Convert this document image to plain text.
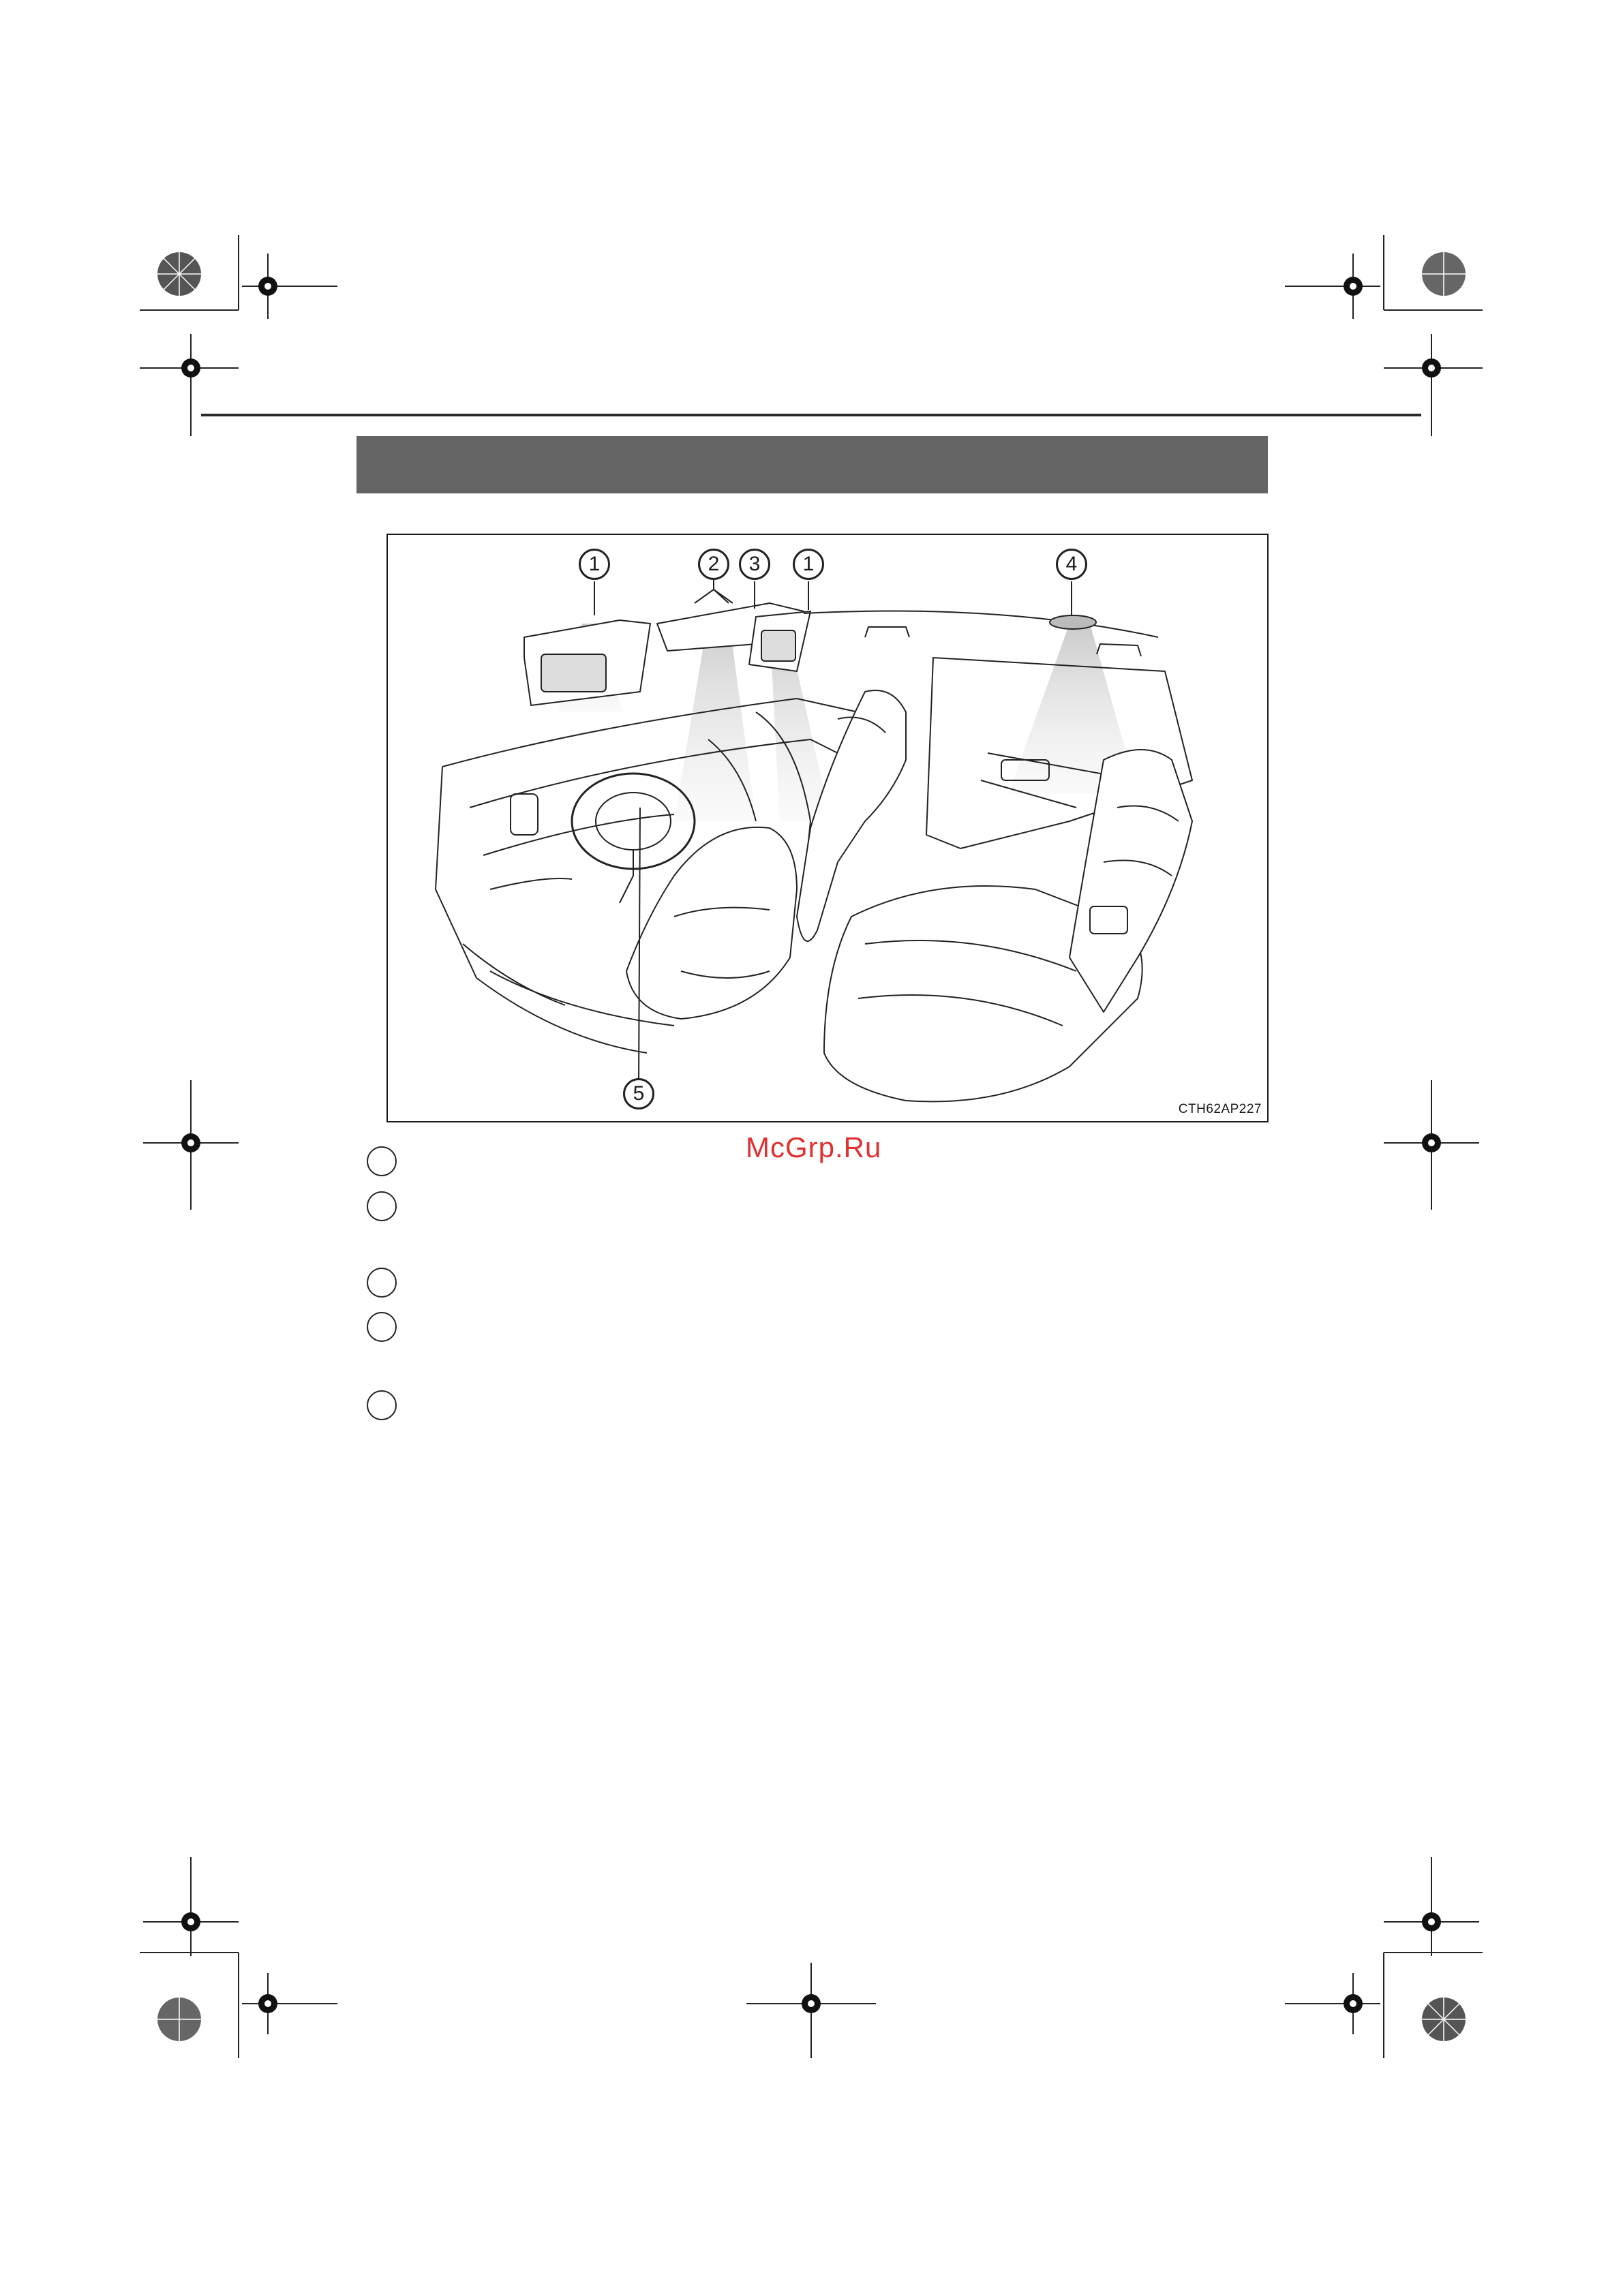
1	2 3 1	4
5
CTH62AP227
McGrp.Ru
